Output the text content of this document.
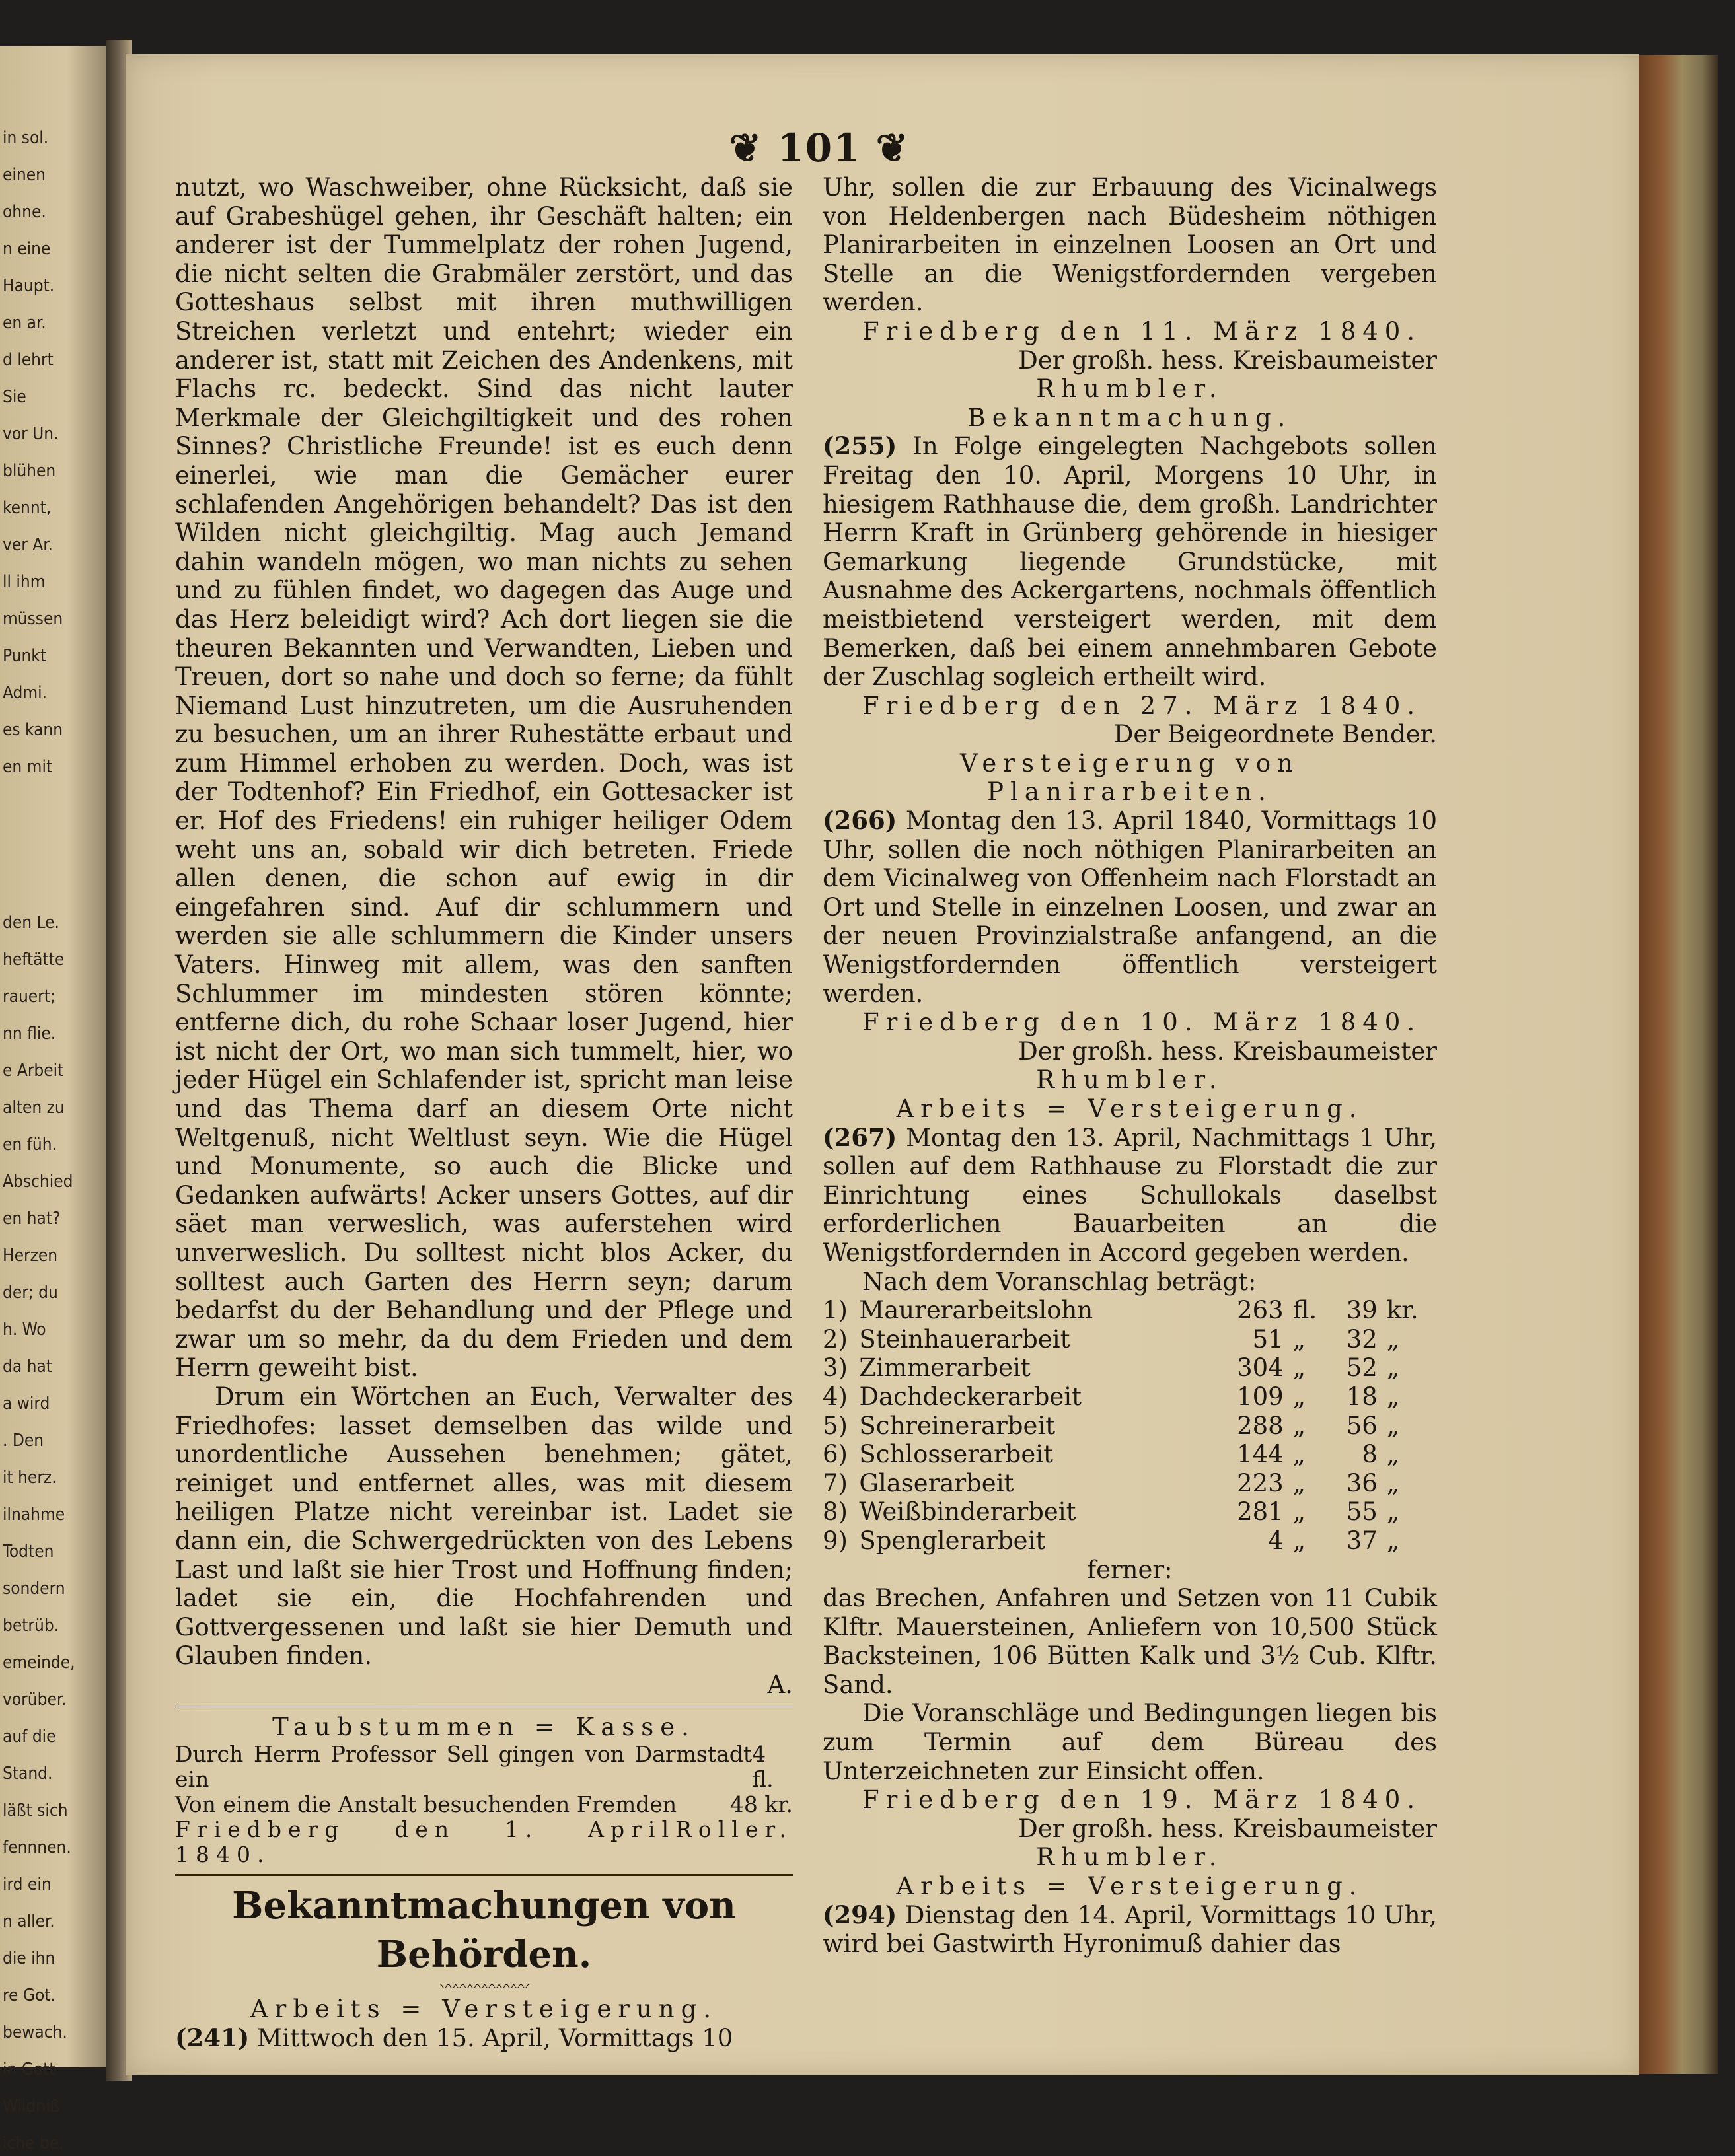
in sol.
einen
ohne.
n eine
Haupt.
en ar.
d lehrt
Sie
vor Un.
blühen
kennt,
ver Ar.
ll ihm
müssen
Punkt
Admi.
es kann
en mit
den Le.
heftätte
rauert;
nn flie.
e Arbeit
alten zu
en füh.
Abschied
en hat?
Herzen
der; du
h. Wo
da hat
a wird
. Den
it herz.
ilnahme
Todten
sondern
betrüb.
emeinde,
vorüber.
auf die
Stand.
läßt sich
fennnen.
ird ein
n aller.
die ihn
re Got.
bewach.
in Gott
Wildniß
iche be.
❦ 101 ❦

nutzt, wo Waschweiber, ohne Rücksicht, daß sie auf Grabeshügel gehen, ihr Geschäft halten; ein anderer ist der Tummelplatz der rohen Jugend, die nicht selten die Grabmäler zerstört, und das Gotteshaus selbst mit ihren muthwilligen Streichen verletzt und entehrt; wieder ein anderer ist, statt mit Zeichen des Andenkens, mit Flachs rc. bedeckt. Sind das nicht lauter Merkmale der Gleichgiltigkeit und des rohen Sinnes? Christliche Freunde! ist es euch denn einerlei, wie man die Gemächer eurer schlafenden Angehörigen behandelt? Das ist den Wilden nicht gleichgiltig. Mag auch Jemand dahin wandeln mögen, wo man nichts zu sehen und zu fühlen findet, wo dagegen das Auge und das Herz beleidigt wird? Ach dort liegen sie die theuren Bekannten und Verwandten, Lieben und Treuen, dort so nahe und doch so ferne; da fühlt Niemand Lust hinzutreten, um die Ausruhenden zu besuchen, um an ihrer Ruhestätte erbaut und zum Himmel erhoben zu werden. Doch, was ist der Todtenhof? Ein Friedhof, ein Gottesacker ist er. Hof des Friedens! ein ruhiger heiliger Odem weht uns an, sobald wir dich betreten. Friede allen denen, die schon auf ewig in dir eingefahren sind. Auf dir schlummern und werden sie alle schlummern die Kinder unsers Vaters. Hinweg mit allem, was den sanften Schlummer im mindesten stören könnte; entferne dich, du rohe Schaar loser Jugend, hier ist nicht der Ort, wo man sich tummelt, hier, wo jeder Hügel ein Schlafender ist, spricht man leise und das Thema darf an diesem Orte nicht Weltgenuß, nicht Weltlust seyn. Wie die Hügel und Monumente, so auch die Blicke und Gedanken aufwärts! Acker unsers Gottes, auf dir säet man verweslich, was auferstehen wird unverweslich. Du solltest nicht blos Acker, du solltest auch Garten des Herrn seyn; darum bedarfst du der Behandlung und der Pflege und zwar um so mehr, da du dem Frieden und dem Herrn geweiht bist.

Drum ein Wörtchen an Euch, Verwalter des Friedhofes: lasset demselben das wilde und unordentliche Aussehen benehmen; gätet, reiniget und entfernet alles, was mit diesem heiligen Platze nicht vereinbar ist. Ladet sie dann ein, die Schwergedrückten von des Lebens Last und laßt sie hier Trost und Hoffnung finden; ladet sie ein, die Hochfahrenden und Gottvergessenen und laßt sie hier Demuth und Glauben finden.

A.

Taubstummen = Kasse.

Durch Herrn Professor Sell gingen von Darmstadt ein
4 fl.
Von einem die Anstalt besuchenden Fremden 48 kr.
Friedberg den 1. April 1840.
Roller.

Bekanntmachungen von Behörden.

〰〰〰〰〰〰

Arbeits = Versteigerung.

(241) Mittwoch den 15. April, Vormittags 10

Uhr, sollen die zur Erbauung des Vicinalwegs von Heldenbergen nach Büdesheim nöthigen Planirarbeiten in einzelnen Loosen an Ort und Stelle an die Wenigstfordernden vergeben werden.

Friedberg den 11. März 1840.

Der großh. hess. Kreisbaumeister

Rhumbler.

Bekanntmachung.

(255) In Folge eingelegten Nachgebots sollen Freitag den 10. April, Morgens 10 Uhr, in hiesigem Rathhause die, dem großh. Landrichter Herrn Kraft in Grünberg gehörende in hiesiger Gemarkung liegende Grundstücke, mit Ausnahme des Ackergartens, nochmals öffentlich meistbietend versteigert werden, mit dem Bemerken, daß bei einem annehmbaren Gebote der Zuschlag sogleich ertheilt wird.

Friedberg den 27. März 1840.

Der Beigeordnete Bender.

Versteigerung von Planirarbeiten.

(266) Montag den 13. April 1840, Vormittags 10 Uhr, sollen die noch nöthigen Planirarbeiten an dem Vicinalweg von Offenheim nach Florstadt an Ort und Stelle in einzelnen Loosen, und zwar an der neuen Provinzialstraße anfangend, an die Wenigstfordernden öffentlich versteigert werden.

Friedberg den 10. März 1840.

Der großh. hess. Kreisbaumeister

Rhumbler.

Arbeits = Versteigerung.

(267) Montag den 13. April, Nachmittags 1 Uhr, sollen auf dem Rathhause zu Florstadt die zur Einrichtung eines Schullokals daselbst erforderlichen Bauarbeiten an die Wenigstfordernden in Accord gegeben werden.

Nach dem Voranschlag beträgt:

1)	Maurerarbeitslohn	263	fl.	39	kr.
2)	Steinhauerarbeit	51	„	32	„
3)	Zimmerarbeit	304	„	52	„
4)	Dachdeckerarbeit	109	„	18	„
5)	Schreinerarbeit	288	„	56	„
6)	Schlosserarbeit	144	„	8	„
7)	Glaserarbeit	223	„	36	„
8)	Weißbinderarbeit	281	„	55	„
9)	Spenglerarbeit	4	„	37	„

ferner:

das Brechen, Anfahren und Setzen von 11 Cubik Klftr. Mauersteinen, Anliefern von 10,500 Stück Backsteinen, 106 Bütten Kalk und 3½ Cub. Klftr. Sand.

Die Voranschläge und Bedingungen liegen bis zum Termin auf dem Büreau des Unterzeichneten zur Einsicht offen.

Friedberg den 19. März 1840.

Der großh. hess. Kreisbaumeister

Rhumbler.

Arbeits = Versteigerung.

(294) Dienstag den 14. April, Vormittags 10 Uhr, wird bei Gastwirth Hyronimuß dahier das
